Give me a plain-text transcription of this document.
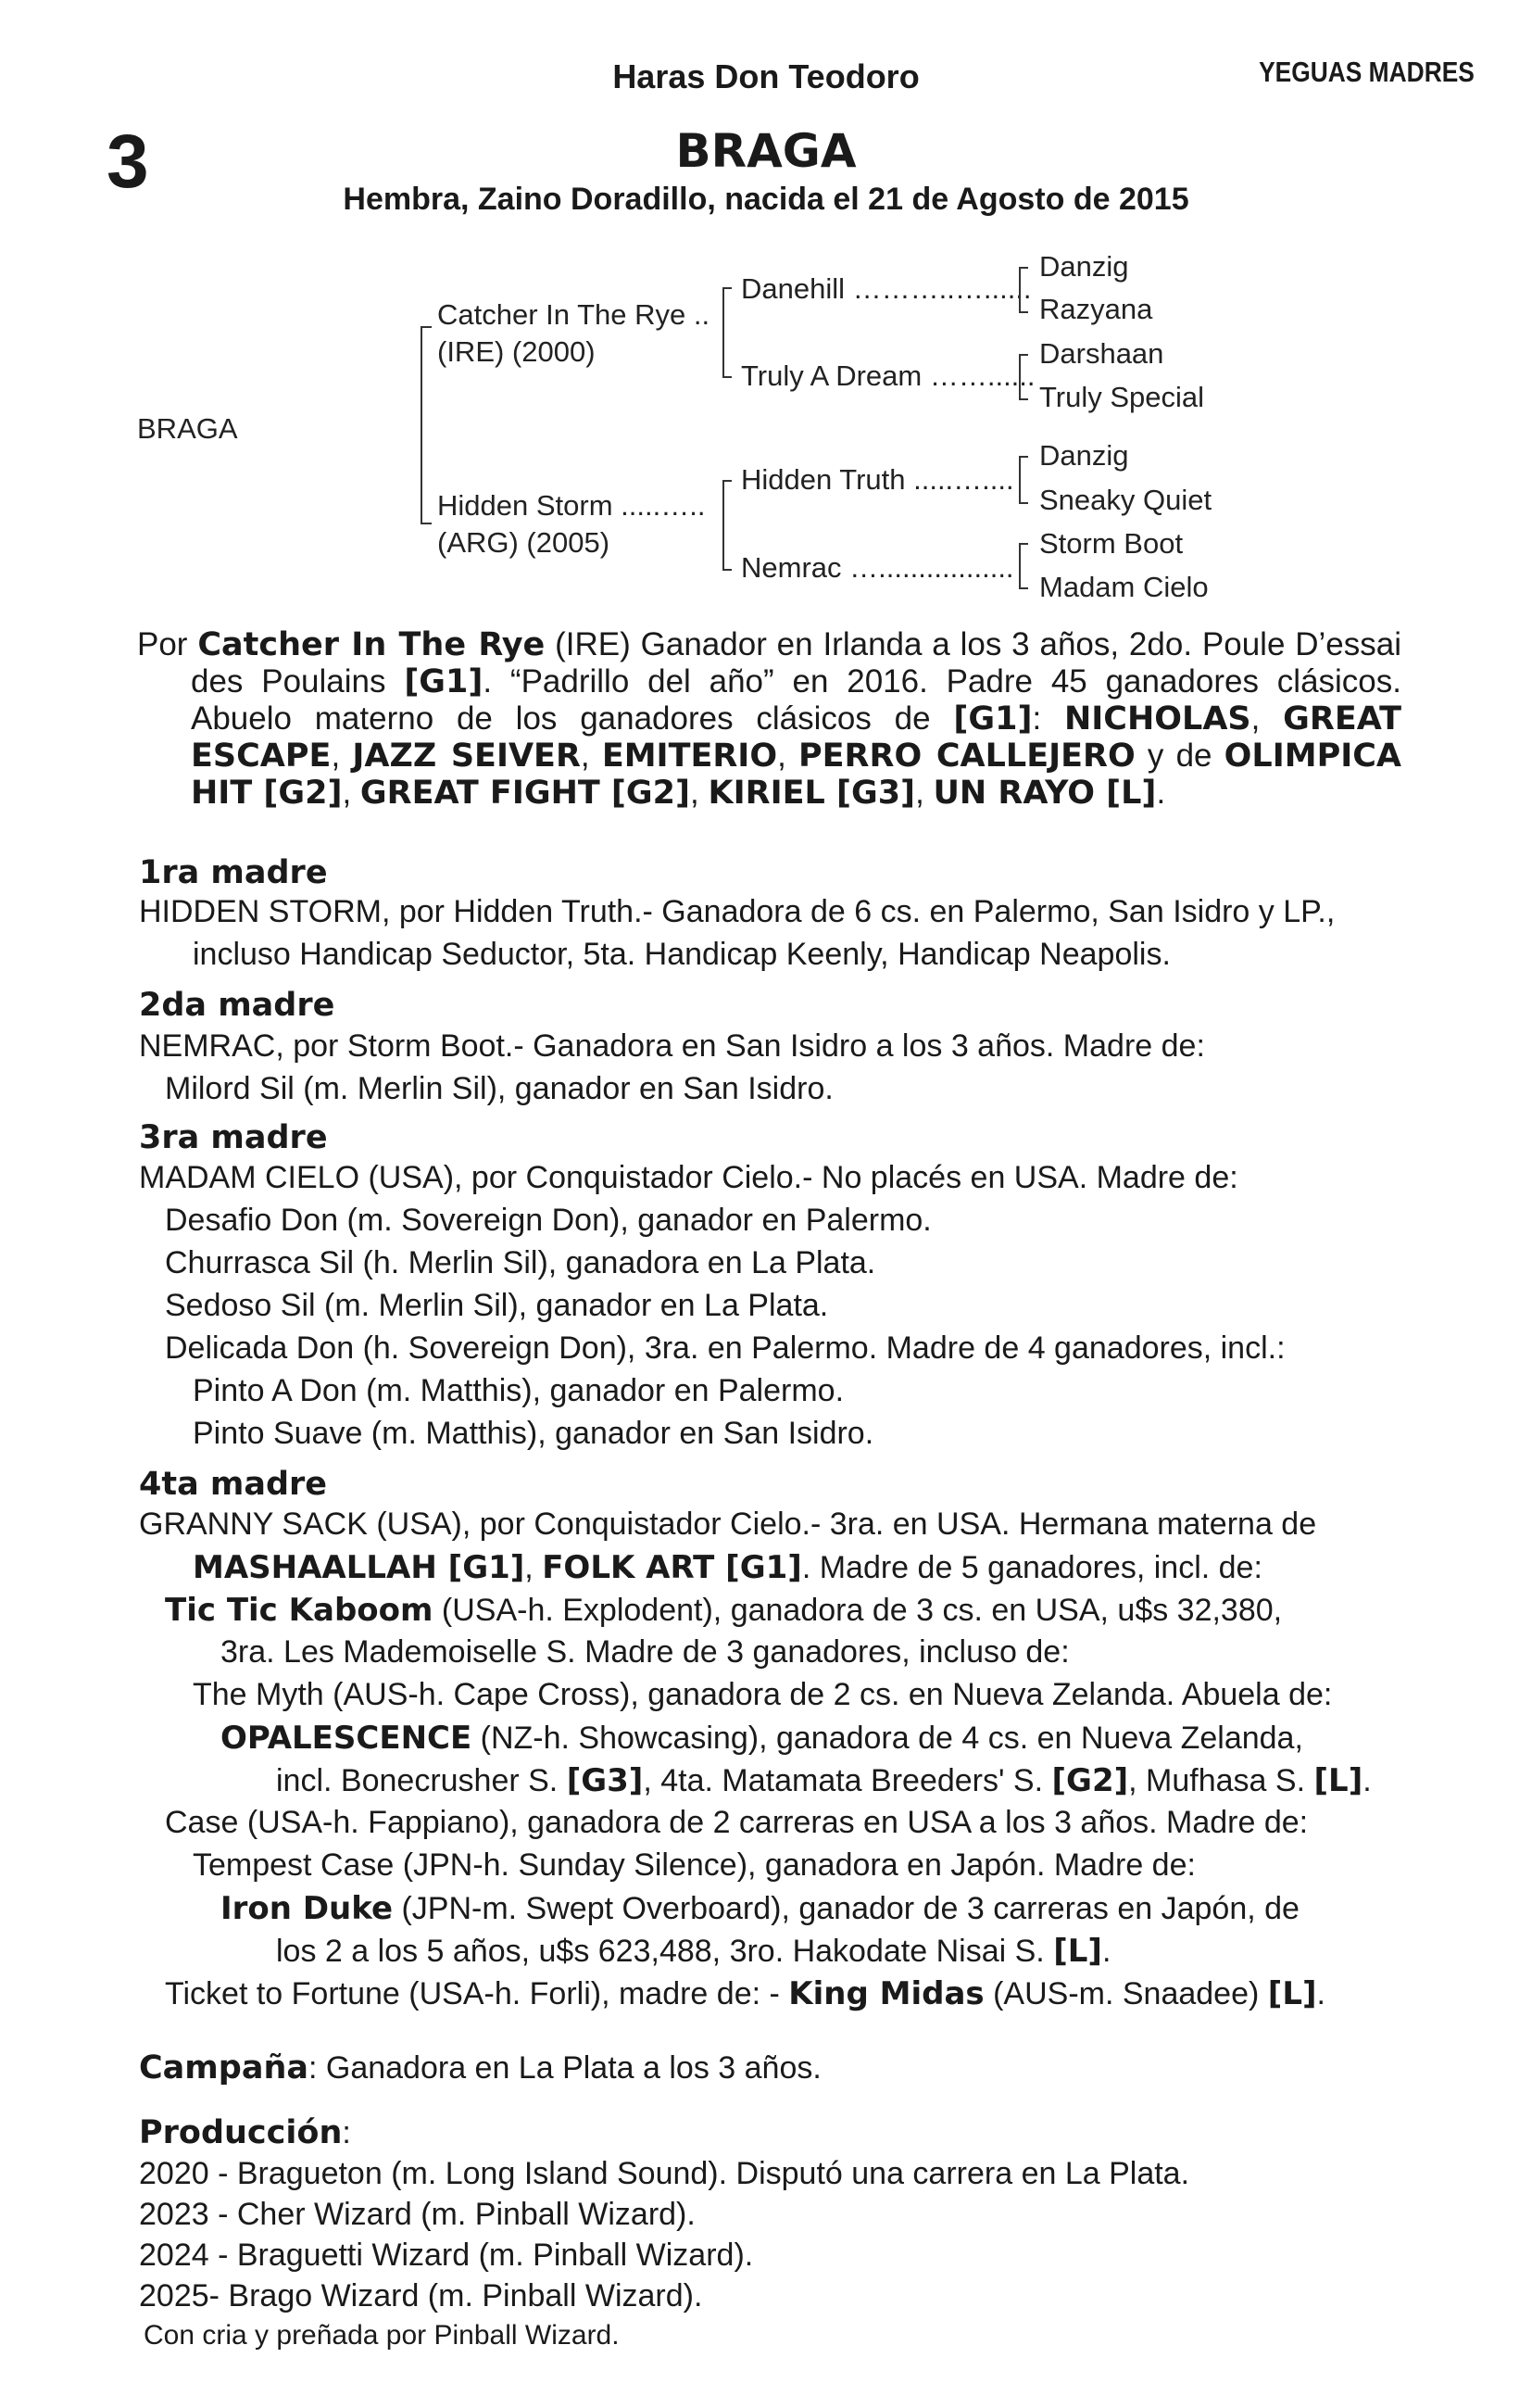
Haras Don Teodoro	YEGUAS MADRES
3	BRAGA
Hembra, Zaino Doradillo, nacida el 21 de Agosto de 2015
BRAGA
Catcher In The Rye ..
(IRE) (2000)
Hidden Storm .....…..
(ARG) (2005)
Danehill ………..…......
Truly A Dream ……......
Hidden Truth .....…....
Nemrac ….................
Danzig
Razyana
Darshaan
Truly Special
Danzig
Sneaky Quiet
Storm Boot
Madam Cielo

Por Catcher In The Rye (IRE) Ganador en Irlanda a los 3 años, 2do. Poule D’essai des Poulains [G1]. “Padrillo del año” en 2016. Padre 45 ganadores clásicos. Abuelo materno de los ganadores clásicos de [G1]: NICHOLAS, GREAT ESCAPE, JAZZ SEIVER, EMITERIO, PERRO CALLEJERO y de OLIMPICA HIT [G2], GREAT FIGHT [G2], KIRIEL [G3], UN RAYO [L].

1ra madre
HIDDEN STORM, por Hidden Truth.- Ganadora de 6 cs. en Palermo, San Isidro y LP.,
incluso Handicap Seductor, 5ta. Handicap Keenly, Handicap Neapolis.
2da madre
NEMRAC, por Storm Boot.- Ganadora en San Isidro a los 3 años. Madre de:
Milord Sil (m. Merlin Sil), ganador en San Isidro.
3ra madre
MADAM CIELO (USA), por Conquistador Cielo.- No placés en USA. Madre de:
Desafio Don (m. Sovereign Don), ganador en Palermo.
Churrasca Sil (h. Merlin Sil), ganadora en La Plata.
Sedoso Sil (m. Merlin Sil), ganador en La Plata.
Delicada Don (h. Sovereign Don), 3ra. en Palermo. Madre de 4 ganadores, incl.:
Pinto A Don (m. Matthis), ganador en Palermo.
Pinto Suave (m. Matthis), ganador en San Isidro.
4ta madre
GRANNY SACK (USA), por Conquistador Cielo.- 3ra. en USA. Hermana materna de
MASHAALLAH [G1], FOLK ART [G1]. Madre de 5 ganadores, incl. de:
Tic Tic Kaboom (USA-h. Explodent), ganadora de 3 cs. en USA, u$s 32,380,
3ra. Les Mademoiselle S. Madre de 3 ganadores, incluso de:
The Myth (AUS-h. Cape Cross), ganadora de 2 cs. en Nueva Zelanda. Abuela de:
OPALESCENCE (NZ-h. Showcasing), ganadora de 4 cs. en Nueva Zelanda,
incl. Bonecrusher S. [G3], 4ta. Matamata Breeders' S. [G2], Mufhasa S. [L].
Case (USA-h. Fappiano), ganadora de 2 carreras en USA a los 3 años. Madre de:
Tempest Case (JPN-h. Sunday Silence), ganadora en Japón. Madre de:
Iron Duke (JPN-m. Swept Overboard), ganador de 3 carreras en Japón, de
los 2 a los 5 años, u$s 623,488, 3ro. Hakodate Nisai S. [L].
Ticket to Fortune (USA-h. Forli), madre de: - King Midas (AUS-m. Snaadee) [L].
Campaña: Ganadora en La Plata a los 3 años.
Producción:
2020 - Bragueton (m. Long Island Sound). Disputó una carrera en La Plata.
2023 - Cher Wizard (m. Pinball Wizard).
2024 - Braguetti Wizard (m. Pinball Wizard).
2025- Brago Wizard (m. Pinball Wizard).
Con cria y preñada por Pinball Wizard.
